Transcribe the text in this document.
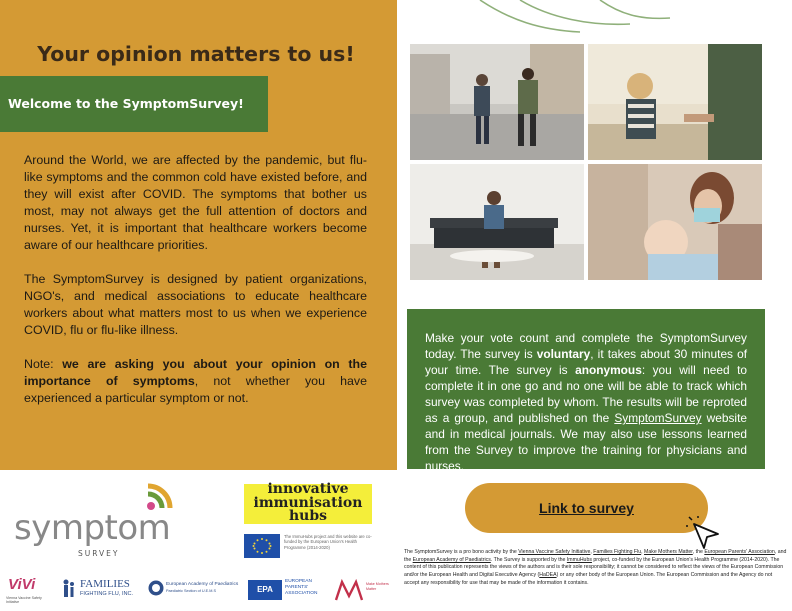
Your opinion matters to us!
Welcome to the SymptomSurvey!

Around the World, we are affected by the pandemic, but flu-like symptoms and the common cold have existed before, and they will exist after COVID. The symptoms that bother us most, may not always get the full attention of doctors and nurses. Yet, it is important that healthcare workers become aware of our healthcare priorities.

The SymptomSurvey is designed by patient organizations, NGO's, and medical associations to educate healthcare workers about what matters most to us when we experience COVID, flu or flu-like illness.

Note: we are asking you about your opinion on the importance of symptoms, not whether you have experienced a particular symptom or not.

Make your vote count and complete the SymptomSurvey today. The survey is voluntary, it takes about 30 minutes of your time. The survey is anonymous: you will need to complete it in one go and no one will be able to track which survey was completed by whom. The results will be reproted as a group, and published on the SymptomSurvey website and in medical journals. We may also use lessons learned from the Survey to improve the training for physicians and nurses.
symptom
SURVEY
innovative
immunisation hubs
The ImmuHubs project and this website are co-funded by the European Union's Health Programme (2014-2020)
ViVi
Vienna Vaccine Safety Initiative
FAMILIES
FIGHTING FLU, INC.
European Academy of Paediatrics
Paediatric Section of U.E.M.S	EPA
EUROPEAN
PARENTS'
ASSOCIATION
Make Mothers Matter
Link to survey
The SymptomSurvey is a pro bono activity by the Vienna Vaccine Safety Initiative, Families Fighting Flu, Make Mothers Matter, the European Parents' Association, and the European Academy of Paediatrics. The Survey is supported by the ImmuHubs project, co-funded by the European Union's Health Programme (2014-2020). The content of this publication represents the views of the authors and is their sole responsibility; it cannot be considered to reflect the views of the European Commission and/or the European Health and Digital Executive Agency (HaDEA) or any other body of the European Union. The European Commission and the Agency do not accept any responsibility for use that may be made of the information it contains.
